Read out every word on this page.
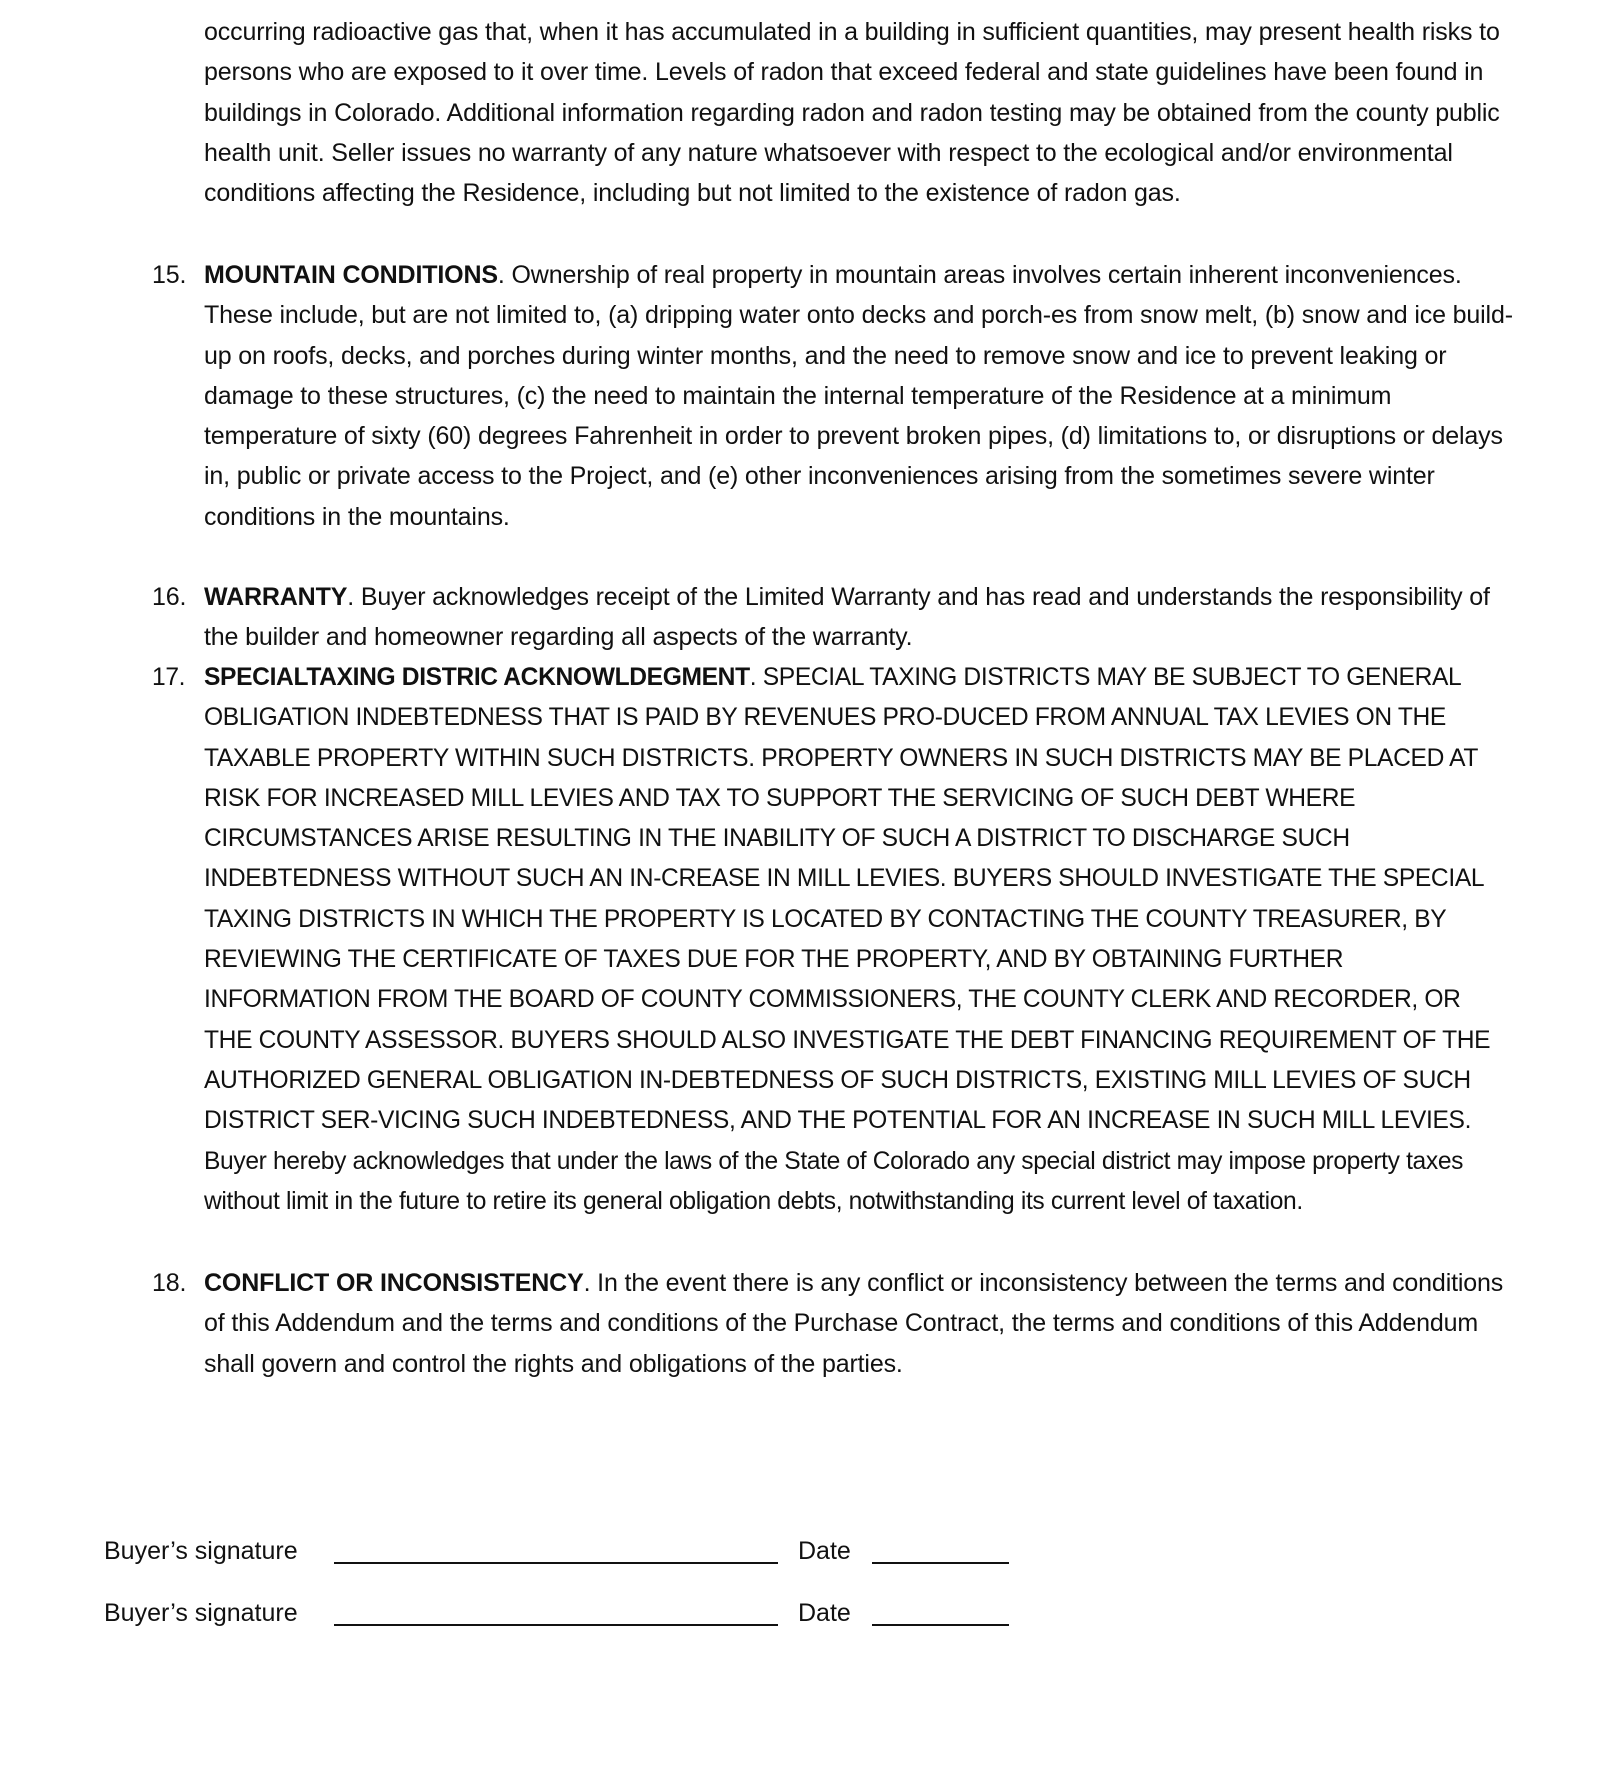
occurring radioactive gas that, when it has accumulated in a building in sufficient quantities, may present health risks to persons who are exposed to it over time. Levels of radon that exceed federal and state guidelines have been found in buildings in Colorado. Additional information regarding radon and radon testing may be obtained from the county public health unit. Seller issues no warranty of any nature whatsoever with respect to the ecological and/or environmental conditions affecting the Residence, including but not limited to the existence of radon gas.
15. MOUNTAIN CONDITIONS. Ownership of real property in mountain areas involves certain inherent inconveniences. These include, but are not limited to, (a) dripping water onto decks and porch-es from snow melt, (b) snow and ice build-up on roofs, decks, and porches during winter months, and the need to remove snow and ice to prevent leaking or damage to these structures, (c) the need to maintain the internal temperature of the Residence at a minimum temperature of sixty (60) degrees Fahrenheit in order to prevent broken pipes, (d) limitations to, or disruptions or delays in, public or private access to the Project, and (e) other inconveniences arising from the sometimes severe winter conditions in the mountains.
16. WARRANTY. Buyer acknowledges receipt of the Limited Warranty and has read and understands the responsibility of the builder and homeowner regarding all aspects of the warranty.
17. SPECIALTAXING DISTRIC ACKNOWLDEGMENT. SPECIAL TAXING DISTRICTS MAY BE SUBJECT TO GENERAL OBLIGATION INDEBTEDNESS THAT IS PAID BY REVENUES PRO-DUCED FROM ANNUAL TAX LEVIES ON THE TAXABLE PROPERTY WITHIN SUCH DISTRICTS. PROPERTY OWNERS IN SUCH DISTRICTS MAY BE PLACED AT RISK FOR INCREASED MILL LEVIES AND TAX TO SUPPORT THE SERVICING OF SUCH DEBT WHERE CIRCUMSTANCES ARISE RESULTING IN THE INABILITY OF SUCH A DISTRICT TO DISCHARGE SUCH INDEBTEDNESS WITHOUT SUCH AN IN-CREASE IN MILL LEVIES. BUYERS SHOULD INVESTIGATE THE SPECIAL TAXING DISTRICTS IN WHICH THE PROPERTY IS LOCATED BY CONTACTING THE COUNTY TREASURER, BY REVIEWING THE CERTIFICATE OF TAXES DUE FOR THE PROPERTY, AND BY OBTAINING FURTHER INFORMATION FROM THE BOARD OF COUNTY COMMISSIONERS, THE COUNTY CLERK AND RECORDER, OR THE COUNTY ASSESSOR. BUYERS SHOULD ALSO INVESTIGATE THE DEBT FINANCING REQUIREMENT OF THE AUTHORIZED GENERAL OBLIGATION IN-DEBTEDNESS OF SUCH DISTRICTS, EXISTING MILL LEVIES OF SUCH DISTRICT SER-VICING SUCH INDEBTEDNESS, AND THE POTENTIAL FOR AN INCREASE IN SUCH MILL LEVIES. Buyer hereby acknowledges that under the laws of the State of Colorado any special district may impose property taxes without limit in the future to retire its general obligation debts, notwithstanding its current level of taxation.
18. CONFLICT OR INCONSISTENCY. In the event there is any conflict or inconsistency between the terms and conditions of this Addendum and the terms and conditions of the Purchase Contract, the terms and conditions of this Addendum shall govern and control the rights and obligations of the parties.
Buyer’s signature	Date
Buyer’s signature	Date
